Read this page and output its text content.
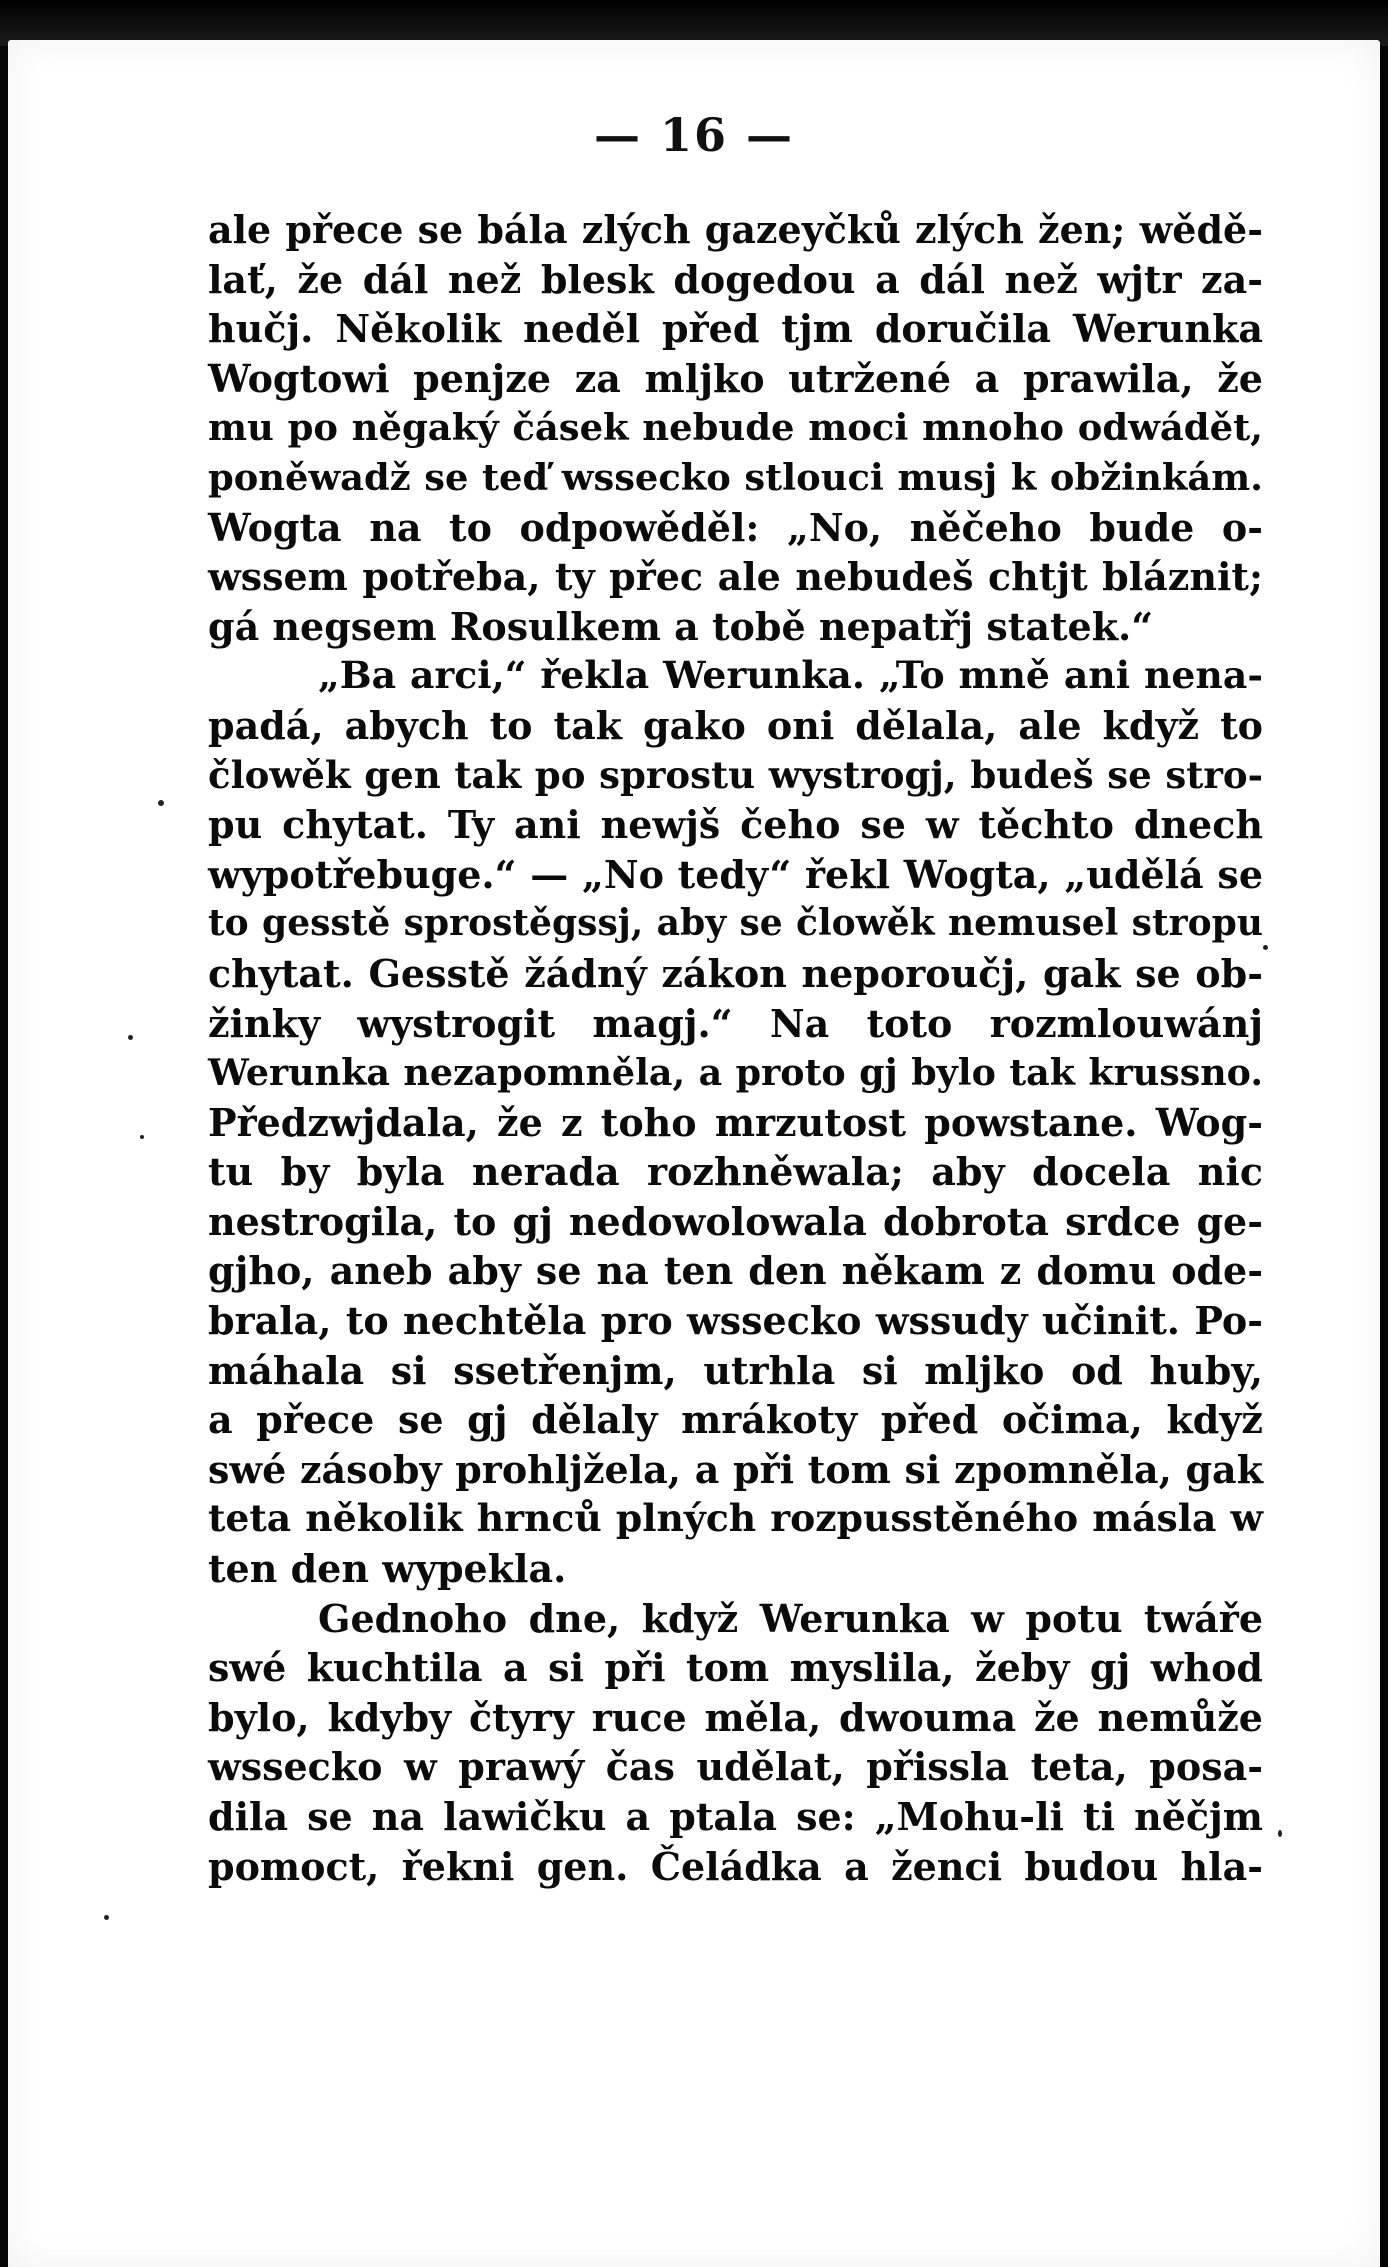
— 16 —
ale přece se bála zlých gazeyčků zlých žen; wědě-
lať, že dál než blesk dogedou a dál než wjtr za-
hučj. Několik neděl před tjm doručila Werunka
Wogtowi penjze za mljko utržené a prawila, že
mu po něgaký čásek nebude moci mnoho odwádět,
poněwadž se teď wsseckо stlouci musj k obžinkám.
Wogta na to odpowěděl: „No, něčeho bude o-
wssem potřeba, ty přec ale nebudeš chtjt bláznit;
gá negsem Rosulkem a tobě nepatřj statek.“
„Ba arci,“ řekla Werunka. „To mně ani nena-
padá, abych to tak gako oni dělala, ale když to
člowěk gen tak po sprostu wystrogj, budeš se stro-
pu chytat. Ty ani newjš čeho se w těchto dnech
wypotřebuge.“ — „No tedy“ řekl Wogta, „udělá se
to gesstě sprostěgssj, aby se člowěk nemusel stropu
chytat. Gesstě žádný zákon neporoučj, gak se ob-
žinky wystrogit magj.“ Na toto rozmlouwánj
Werunka nezapomněla, a proto gj bylo tak krussno.
Předzwjdala, že z toho mrzutost powstane. Wog-
tu by byla nerada rozhněwala; aby docela nic
nestrogila, to gj nedowolowala dobrota srdce ge-
gjho, aneb aby se na ten den někam z domu ode-
brala, to nechtěla pro wsseckо wssudy učinit. Po-
máhala si ssetřenjm, utrhla si mljko od huby,
a přece se gj dělaly mrákoty před očima, když
swé zásoby prohljžela, a při tom si zpomněla, gak
teta několik hrnců plných rozpusstěného másla w
ten den wypekla.
Gednoho dne, když Werunka w potu twáře
swé kuchtila a si při tom myslila, žeby gj whod
bylo, kdyby čtyry ruce měla, dwouma že nemůže
wsseckо w prawý čas udělat, přissla teta, posa-
dila se na lawičku a ptala se: „Mohu-li ti něčjm
pomoct, řekni gen. Čeládka a ženci budou hla-
